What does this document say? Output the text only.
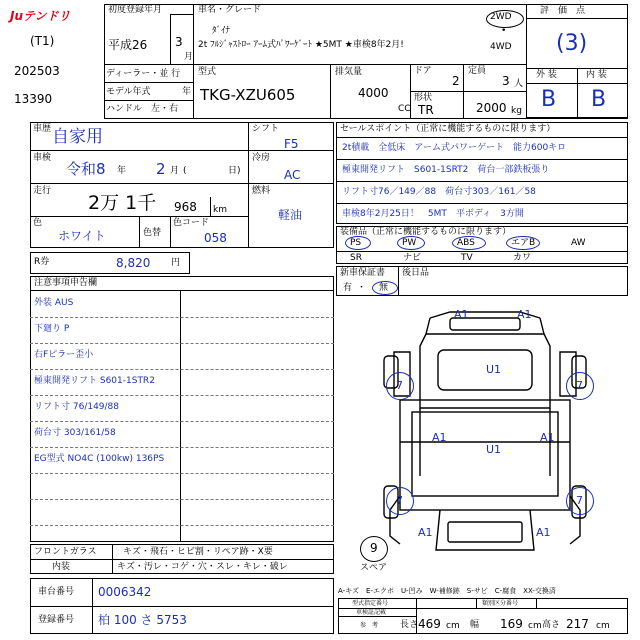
Juテンドリ
(T1)
202503
13390
初度登録年月
平成26 3
月
車名・グレード
ﾀﾞｲﾅ
2t ﾌﾙｼﾞｬｽﾄﾛｰ ｱｰﾑ式ﾊﾟﾜｰｹﾞｰﾄ ★5MT ★車検8年2月!
2WD
•
4WD
ディーラー・並 行
モデル年式	年
ハンドル　左・右
型式
TKG-XZU605
排気量
4000
CC
ドア
2
定員
3 人
形状
TR	2000 kg
評　価　点
(3)
外 装	内 装
B B
車歴 自家用
車検
令和8 年 2 月 (	日)
走行
2万 1千 968 km
色
ホワイト	色替
色コード
058
シフト
F5
冷房
AC
燃料
軽油
R券	8,820 円
セールスポイント（正常に機能するものに限ります）
2t積載　全低床　アーム式パワーゲート　能力600キロ
極東開発リフト　S601-1SRT2　荷台一部鉄板張り
リフト寸76／149／88　荷台寸303／161／58
車検8年2月25日！　5MT　平ボディ　3方開
装備品（正常に機能するものに限ります）
PS	PW	ABS	エアB	AW
SR	ナビ	TV	カワ
新車保証書
有 ・ 無
後日品
注意事項申告欄
外装 AUS
下廻り P
右Fピラー歪小
極東開発リフト S601-1STR2
リフト寸 76/149/88
荷台寸 303/161/58
EG型式 NO4C (100kw) 136PS
フロントガラス	キズ・飛石・ヒビ割・リペア跡・X要
内装	キズ・汚レ・コゲ・穴・スレ・キレ・破レ
車台番号 0006342
登録番号 柏 100 さ 5753
A1	A1
U1
7	7
A1	A1
U1
7	7
A1	A1
9
スペア
A-キズ　E-エクボ　U-凹み　W-補修跡　S-サビ　C-腐食　XX-交換済
型式指定番号	類別区分番号
車検証記載
参　考 長さ 469 cm 幅 169 cm 高さ 217 cm
